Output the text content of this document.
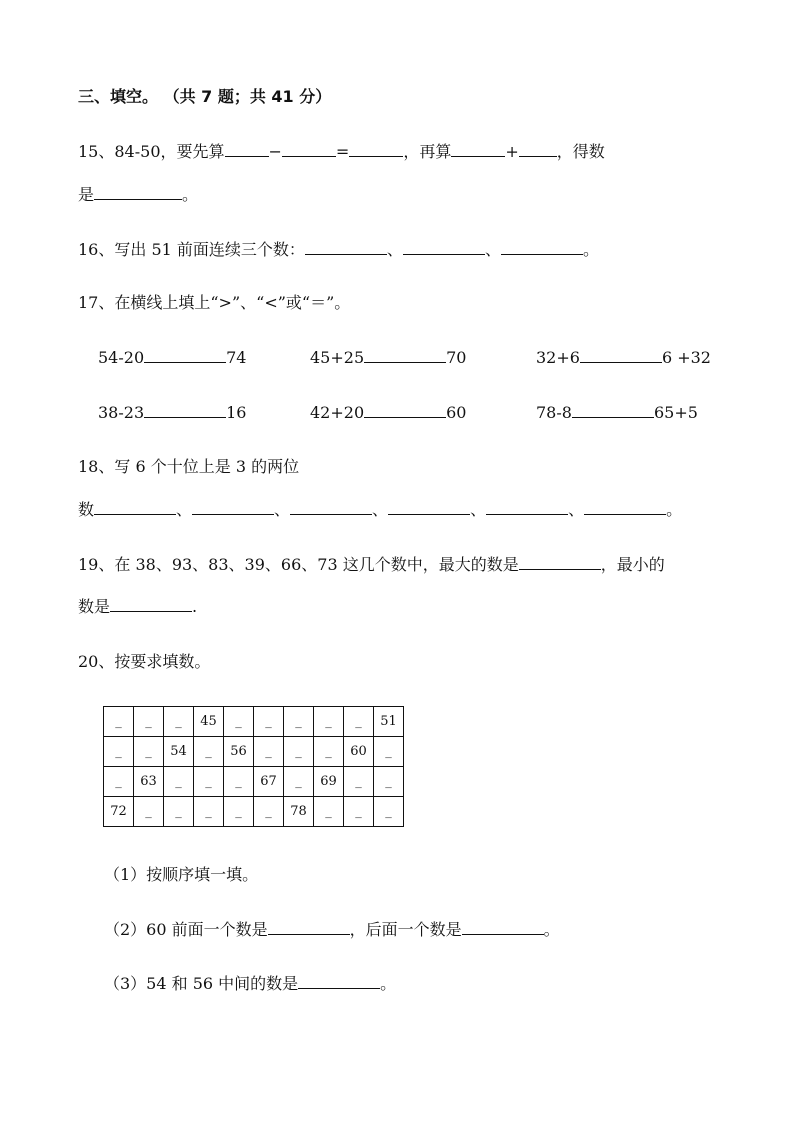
三、填空。 （共 7 题；共 41 分）
15、84-50，要先算	−	=	，再算	+ ，得数
是	。
16、写出 51 前面连续三个数：	、	、	。
17、在横线上填上“>”、“<”或“＝”。
54-20	74	45+25	70	32+6	6 +32
38-23	16	42+20	60	78-8	65+5
18、写 6 个十位上是 3 的两位
数	、	、	、	、	、	。
19、在 38、93、83、39、66、73 这几个数中，最大的数是	，最小的
数是	.
20、按要求填数。
_	_	_	45	_	_	_	_	_	51
_	_	54	_	56	_	_	_	60	_
_	63	_	_	_	67	_	69	_	_
72	_	_	_	_	_	78	_	_	_
（1）按顺序填一填。
（2）60 前面一个数是	，后面一个数是	。
（3）54 和 56 中间的数是	。
